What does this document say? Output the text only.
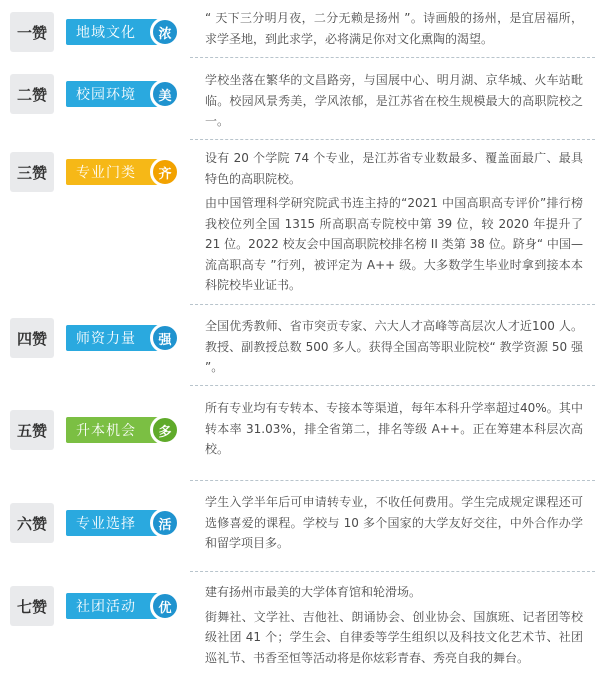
一赞	地域文化	浓

“ 天下三分明月夜，二分无赖是扬州 ”。诗画般的扬州，是宜居福所，求学圣地，到此求学，必将满足你对文化熏陶的渴望。

二赞	校园环境	美

学校坐落在繁华的文昌路旁，与国展中心、明月湖、京华城、火车站毗临。校园风景秀美，学风浓郁，是江苏省在校生规模最大的高职院校之一。

三赞	专业门类	齐

设有 20 个学院 74 个专业，是江苏省专业数最多、覆盖面最广、最具特色的高职院校。

由中国管理科学研究院武书连主持的“2021 中国高职高专评价”排行榜我校位列全国 1315 所高职高专院校中第 39 位，较 2020 年提升了 21 位。2022 校友会中国高职院校排名榜 II 类第 38 位。跻身“ 中国—流高职高专 ”行列，被评定为 A++ 级。大多数学生毕业时拿到接本本科院校毕业证书。

四赞	师资力量	强

全国优秀教师、省市突贡专家、六大人才高峰等高层次人才近100 人。教授、副教授总数 500 多人。获得全国高等职业院校“ 教学资源 50 强 ”。

五赞	升本机会	多

所有专业均有专转本、专接本等渠道，每年本科升学率超过40%。其中转本率 31.03%，排全省第二，排名等级 A++。正在筹建本科层次高校。

六赞	专业选择	活

学生入学半年后可申请转专业，不收任何费用。学生完成规定课程还可选修喜爱的课程。学校与 10 多个国家的大学友好交往，中外合作办学和留学项目多。

七赞	社团活动	优

建有扬州市最美的大学体育馆和轮滑场。

街舞社、文学社、吉他社、朗诵协会、创业协会、国旗班、记者团等校级社团 41 个；学生会、自律委等学生组织以及科技文化艺术节、社团巡礼节、书香至恒等活动将是你炫彩青春、秀亮自我的舞台。
